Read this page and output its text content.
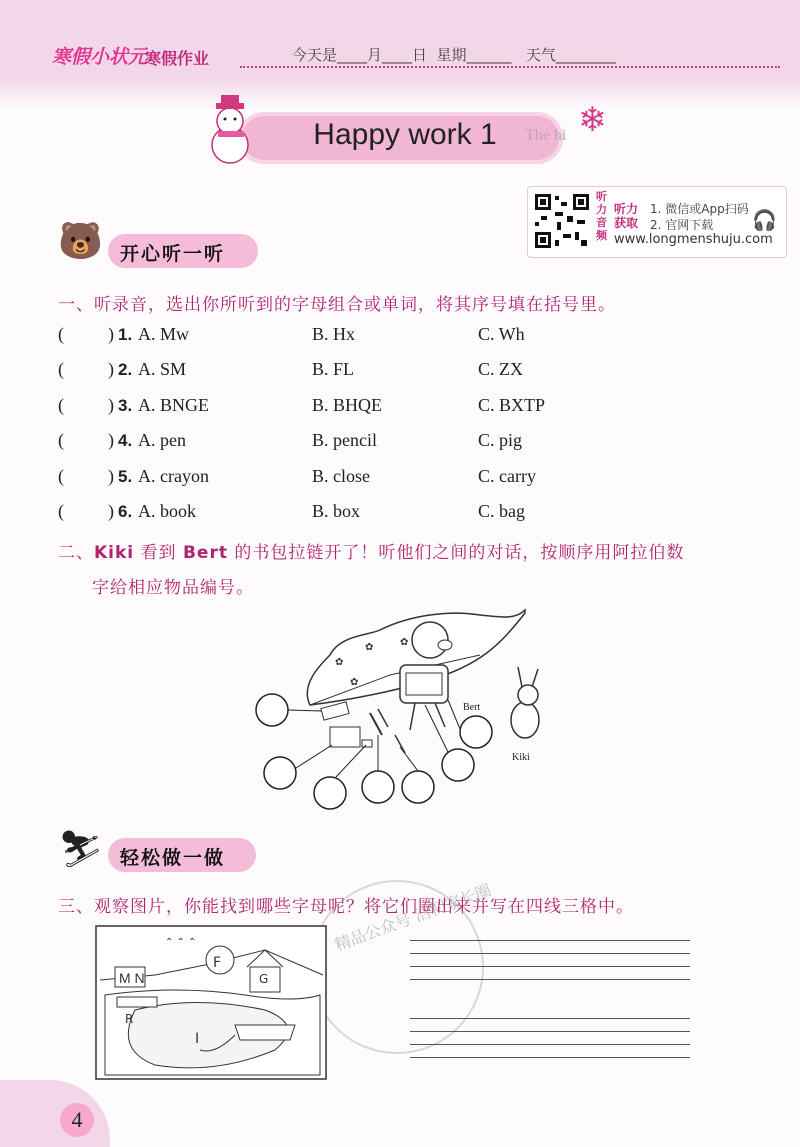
寒假小状元
寒假作业	今天是____月____日  星期______   天气________
The hi
Happy work 1	❄
听力音频
听力获取
1. 微信或App扫码
2. 官网下载
www.longmenshuju.com
🎧
🐻 开心听一听
一、听录音，选出你所听到的字母组合或单词，将其序号填在括号里。
( ) 1. A. Mw	B. Hx	C. Wh
( ) 2. A. SM	B. FL	C. ZX
( ) 3. A. BNGE	B. BHQE	C. BXTP
( ) 4. A. pen	B. pencil	C. pig
( ) 5. A. crayon	B. close	C. carry
( ) 6. A. book	B. box	C. bag
二、Kiki 看到 Bert 的书包拉链开了！听他们之间的对话，按顺序用阿拉伯数
字给相应物品编号。
✿
✿	✿
✿
Bert
Kiki
⛷ 轻松做一做
三、观察图片，你能找到哪些字母呢？将它们圈出来并写在四线三格中。
精品公众号 浩初家长圈
⌃ ⌃ ⌃
M N
F
G
R
I
4
